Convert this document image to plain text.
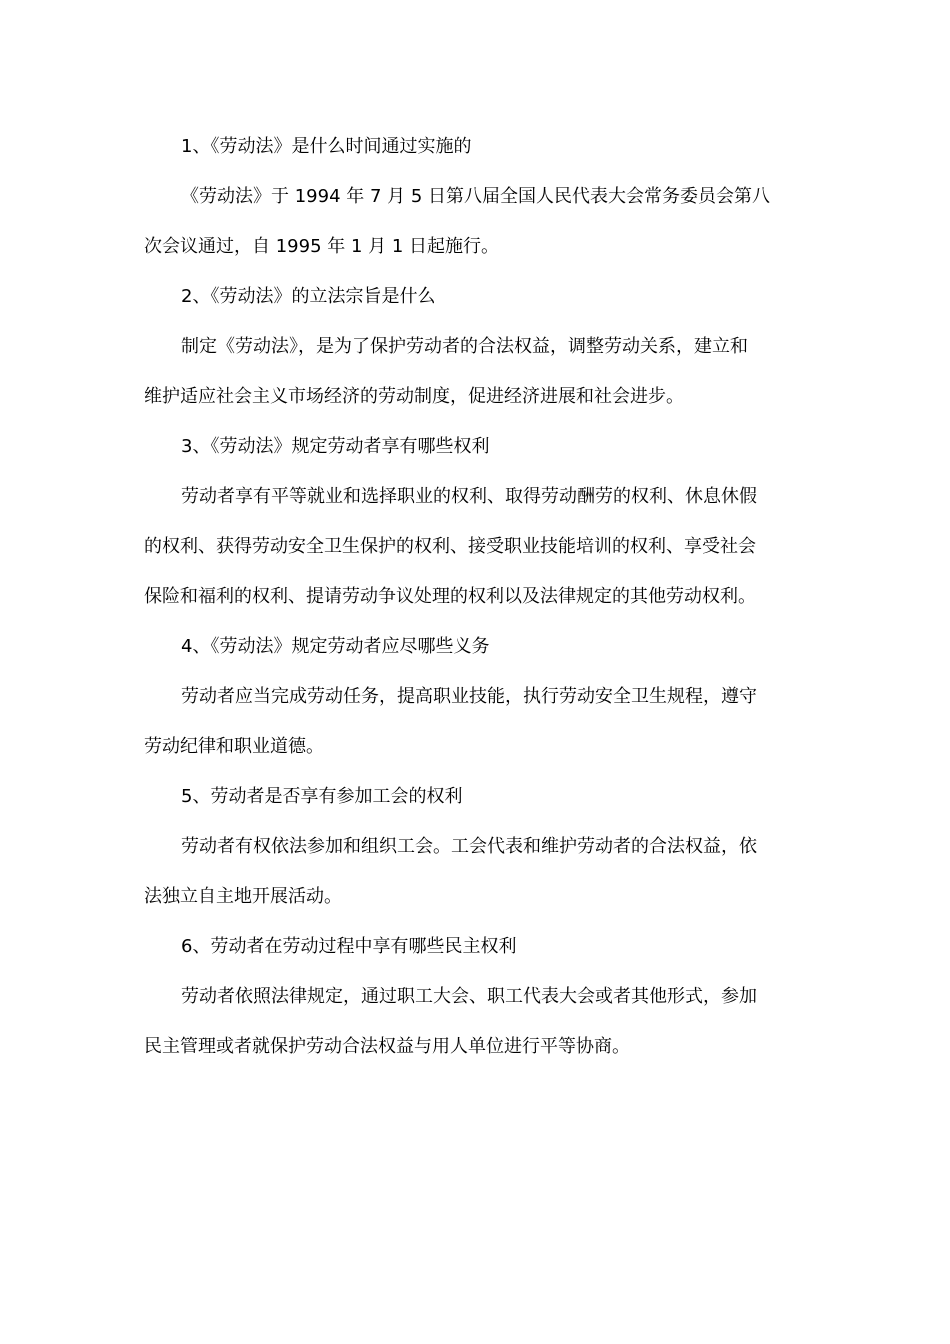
1、《劳动法》是什么时间通过实施的
《劳动法》于 1994 年 7 月 5 日第八届全国人民代表大会常务委员会第八
次会议通过，自 1995 年 1 月 1 日起施行。
2、《劳动法》的立法宗旨是什么
制定《劳动法》，是为了保护劳动者的合法权益，调整劳动关系，建立和
维护适应社会主义市场经济的劳动制度，促进经济进展和社会进步。
3、《劳动法》规定劳动者享有哪些权利
劳动者享有平等就业和选择职业的权利、取得劳动酬劳的权利、休息休假
的权利、获得劳动安全卫生保护的权利、接受职业技能培训的权利、享受社会
保险和福利的权利、提请劳动争议处理的权利以及法律规定的其他劳动权利。
4、《劳动法》规定劳动者应尽哪些义务
劳动者应当完成劳动任务，提高职业技能，执行劳动安全卫生规程，遵守
劳动纪律和职业道德。
5、劳动者是否享有参加工会的权利
劳动者有权依法参加和组织工会。工会代表和维护劳动者的合法权益，依
法独立自主地开展活动。
6、劳动者在劳动过程中享有哪些民主权利
劳动者依照法律规定，通过职工大会、职工代表大会或者其他形式，参加
民主管理或者就保护劳动合法权益与用人单位进行平等协商。
